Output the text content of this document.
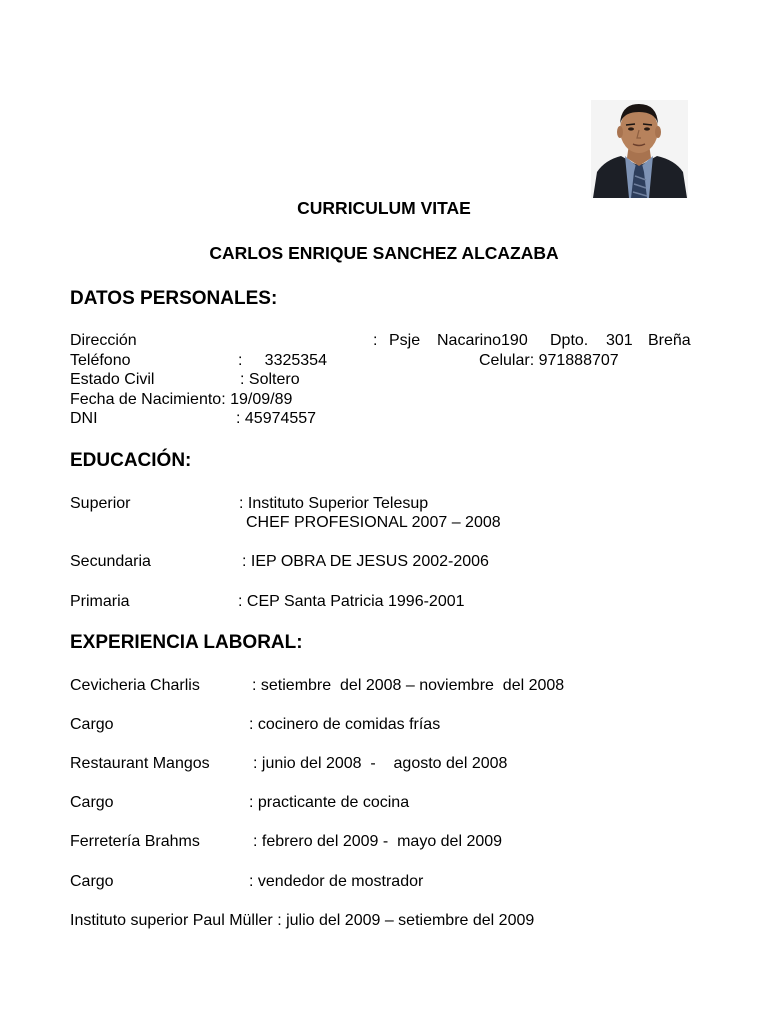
CURRICULUM VITAE
CARLOS ENRIQUE SANCHEZ ALCAZABA
DATOS PERSONALES:
Dirección	: Psje Nacarino190 Dpto. 301 Breña
Teléfono	:     3325354	Celular: 971888707
Estado Civil	: Soltero
Fecha de Nacimiento: 19/09/89
DNI	: 45974557
EDUCACIÓN:
Superior	: Instituto Superior Telesup
CHEF PROFESIONAL 2007 – 2008
Secundaria	: IEP OBRA DE JESUS 2002-2006
Primaria	: CEP Santa Patricia 1996-2001
EXPERIENCIA LABORAL:
Cevicheria Charlis	: setiembre  del 2008 – noviembre  del 2008
Cargo	: cocinero de comidas frías
Restaurant Mangos	: junio del 2008  -    agosto del 2008
Cargo	: practicante de cocina
Ferretería Brahms	: febrero del 2009 -  mayo del 2009
Cargo	: vendedor de mostrador
Instituto superior Paul Müller : julio del 2009 – setiembre del 2009
